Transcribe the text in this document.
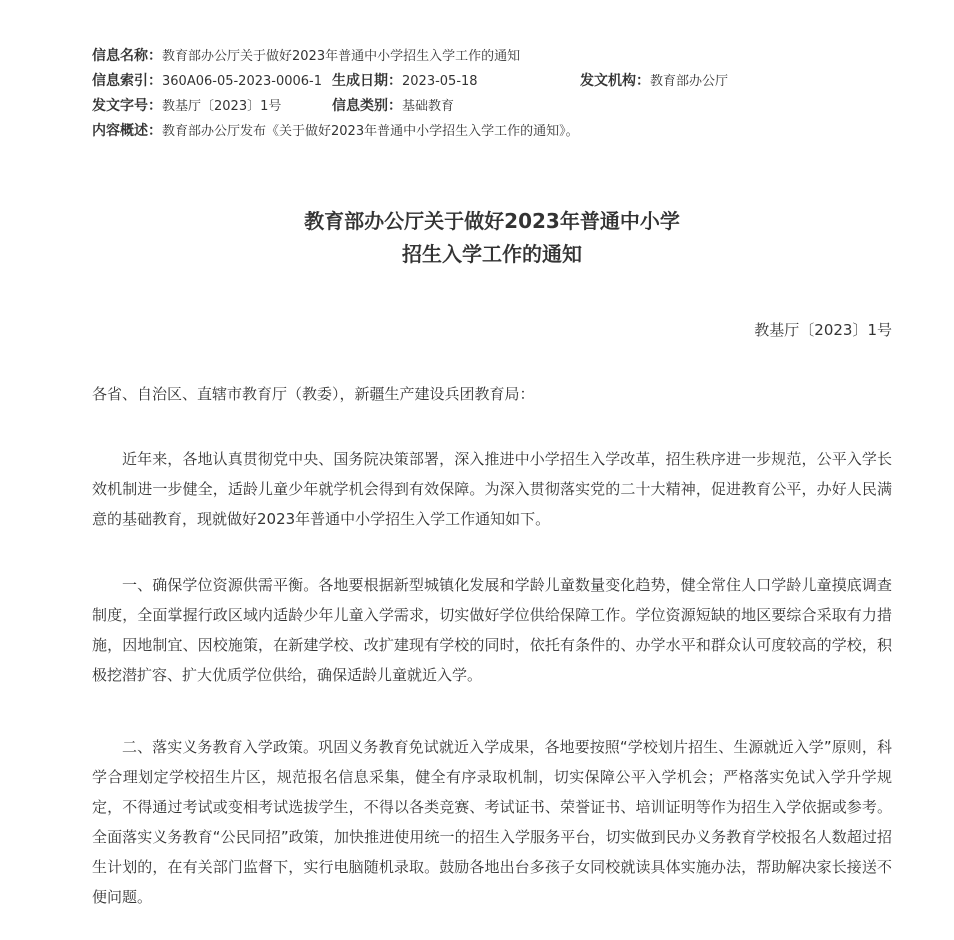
信息名称：教育部办公厅关于做好2023年普通中小学招生入学工作的通知
信息索引：360A06-05-2023-0006-1 生成日期：2023-05-18	发文机构：教育部办公厅
发文字号：教基厅〔2023〕1号	信息类别：基础教育
内容概述：教育部办公厅发布《关于做好2023年普通中小学招生入学工作的通知》。
教育部办公厅关于做好2023年普通中小学
招生入学工作的通知
教基厅〔2023〕1号
各省、自治区、直辖市教育厅（教委），新疆生产建设兵团教育局：
近年来，各地认真贯彻党中央、国务院决策部署，深入推进中小学招生入学改革，招生秩序进一步规范，公平入学长效机制进一步健全，适龄儿童少年就学机会得到有效保障。为深入贯彻落实党的二十大精神，促进教育公平，办好人民满意的基础教育，现就做好2023年普通中小学招生入学工作通知如下。
一、确保学位资源供需平衡。各地要根据新型城镇化发展和学龄儿童数量变化趋势，健全常住人口学龄儿童摸底调查制度，全面掌握行政区域内适龄少年儿童入学需求，切实做好学位供给保障工作。学位资源短缺的地区要综合采取有力措施，因地制宜、因校施策，在新建学校、改扩建现有学校的同时，依托有条件的、办学水平和群众认可度较高的学校，积极挖潜扩容、扩大优质学位供给，确保适龄儿童就近入学。
二、落实义务教育入学政策。巩固义务教育免试就近入学成果，各地要按照“学校划片招生、生源就近入学”原则，科学合理划定学校招生片区，规范报名信息采集，健全有序录取机制，切实保障公平入学机会；严格落实免试入学升学规定，不得通过考试或变相考试选拔学生，不得以各类竞赛、考试证书、荣誉证书、培训证明等作为招生入学依据或参考。全面落实义务教育“公民同招”政策，加快推进使用统一的招生入学服务平台，切实做到民办义务教育学校报名人数超过招生计划的，在有关部门监督下，实行电脑随机录取。鼓励各地出台多孩子女同校就读具体实施办法，帮助解决家长接送不便问题。
